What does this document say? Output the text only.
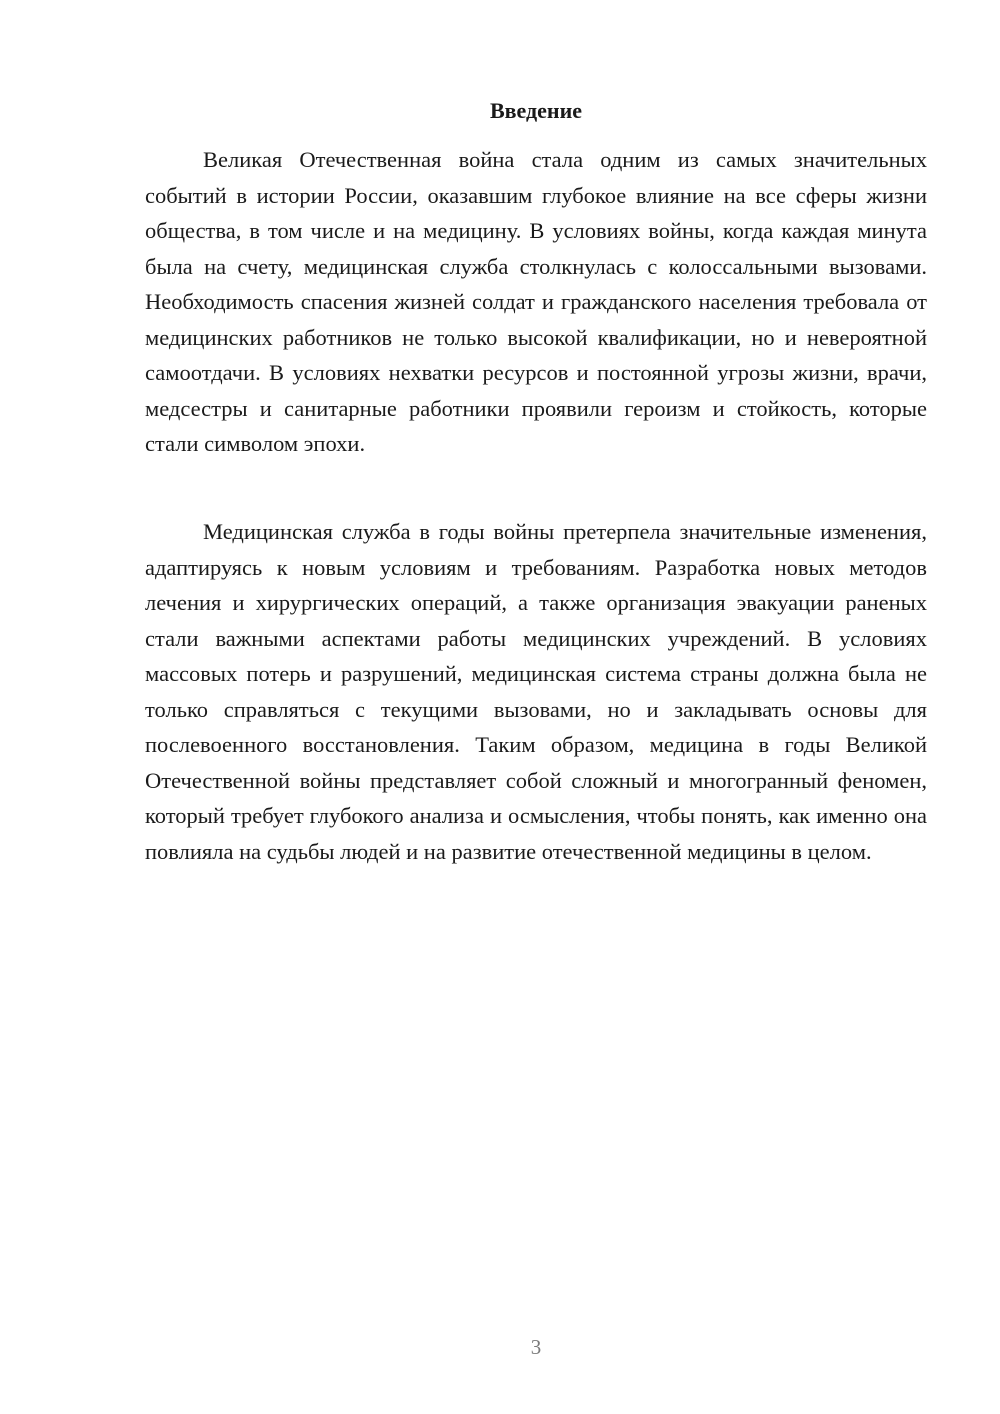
Введение

Великая Отечественная война стала одним из самых значительных событий в истории России, оказавшим глубокое влияние на все сферы жизни общества, в том числе и на медицину. В условиях войны, когда каждая минута была на счету, медицинская служба столкнулась с колоссальными вызовами. Необходимость спасения жизней солдат и гражданского населения требовала от медицинских работников не только высокой квалификации, но и невероятной самоотдачи. В условиях нехватки ресурсов и постоянной угрозы жизни, врачи, медсестры и санитарные работники проявили героизм и стойкость, которые стали символом эпохи.

Медицинская служба в годы войны претерпела значительные изменения, адаптируясь к новым условиям и требованиям. Разработка новых методов лечения и хирургических операций, а также организация эвакуации раненых стали важными аспектами работы медицинских учреждений. В условиях массовых потерь и разрушений, медицинская система страны должна была не только справляться с текущими вызовами, но и закладывать основы для послевоенного восстановления. Таким образом, медицина в годы Великой Отечественной войны представляет собой сложный и многогранный феномен, который требует глубокого анализа и осмысления, чтобы понять, как именно она повлияла на судьбы людей и на развитие отечественной медицины в целом.

3
